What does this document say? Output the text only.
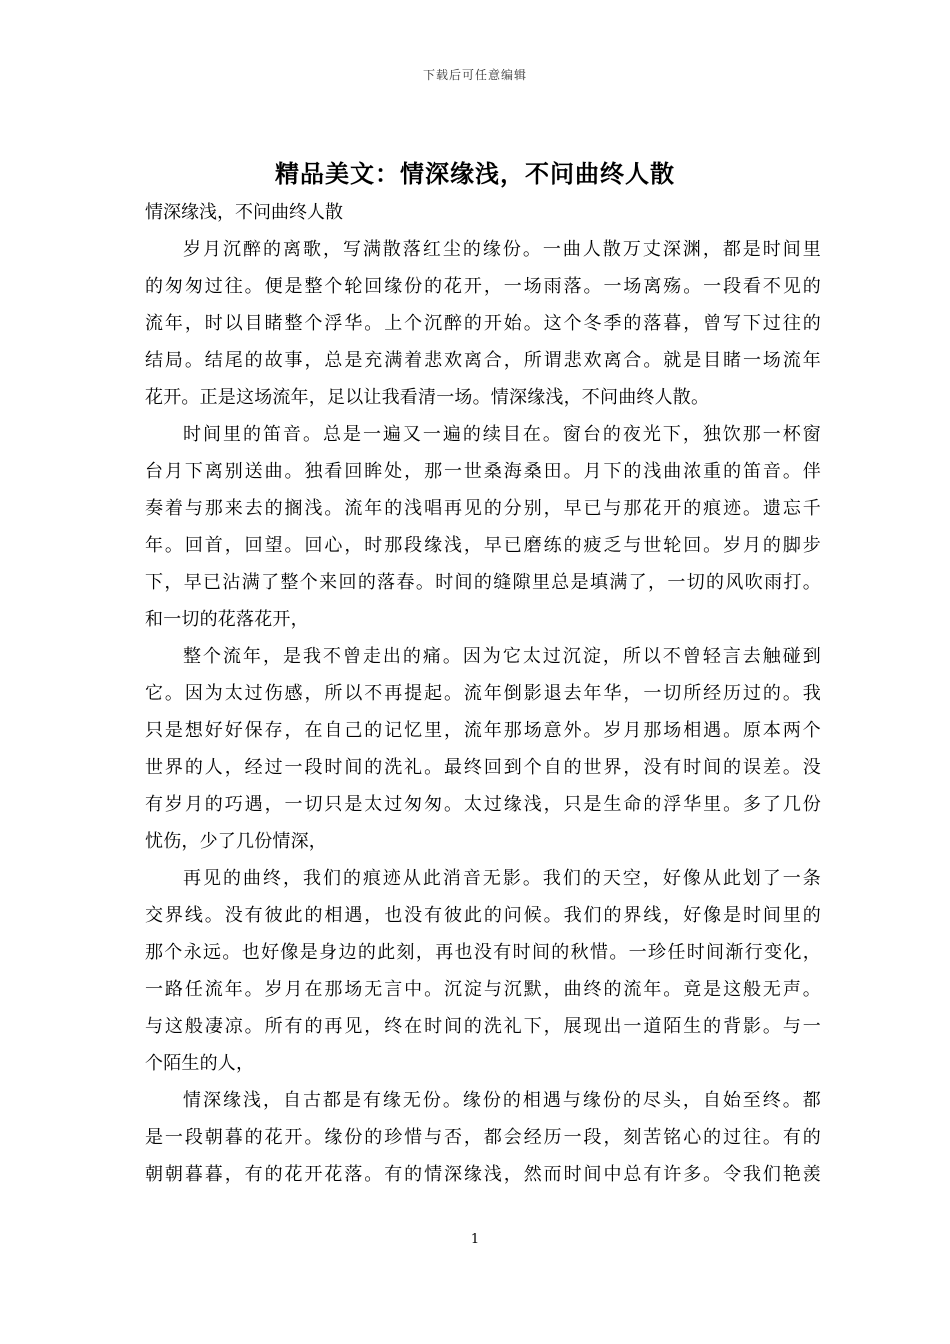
下载后可任意编辑
精品美文：情深缘浅，不问曲终人散
情深缘浅，不问曲终人散
岁月沉醉的离歌，写满散落红尘的缘份。一曲人散万丈深渊，都是时间里
的匆匆过往。便是整个轮回缘份的花开，一场雨落。一场离殇。一段看不见的
流年，时以目睹整个浮华。上个沉醉的开始。这个冬季的落暮，曾写下过往的
结局。结尾的故事，总是充满着悲欢离合，所谓悲欢离合。就是目睹一场流年
花开。正是这场流年，足以让我看清一场。情深缘浅，不问曲终人散。
时间里的笛音。总是一遍又一遍的续目在。窗台的夜光下，独饮那一杯窗
台月下离别送曲。独看回眸处，那一世桑海桑田。月下的浅曲浓重的笛音。伴
奏着与那来去的搁浅。流年的浅唱再见的分别，早已与那花开的痕迹。遗忘千
年。回首，回望。回心，时那段缘浅，早已磨练的疲乏与世轮回。岁月的脚步
下，早已沾满了整个来回的落春。时间的缝隙里总是填满了，一切的风吹雨打。
和一切的花落花开，
整个流年，是我不曾走出的痛。因为它太过沉淀，所以不曾轻言去触碰到
它。因为太过伤感，所以不再提起。流年倒影退去年华，一切所经历过的。我
只是想好好保存，在自己的记忆里，流年那场意外。岁月那场相遇。原本两个
世界的人，经过一段时间的洗礼。最终回到个自的世界，没有时间的误差。没
有岁月的巧遇，一切只是太过匆匆。太过缘浅，只是生命的浮华里。多了几份
忧伤，少了几份情深，
再见的曲终，我们的痕迹从此消音无影。我们的天空，好像从此划了一条
交界线。没有彼此的相遇，也没有彼此的问候。我们的界线，好像是时间里的
那个永远。也好像是身边的此刻，再也没有时间的秋惜。一珍任时间渐行变化，
一路任流年。岁月在那场无言中。沉淀与沉默，曲终的流年。竟是这般无声。
与这般凄凉。所有的再见，终在时间的洗礼下，展现出一道陌生的背影。与一
个陌生的人，
情深缘浅，自古都是有缘无份。缘份的相遇与缘份的尽头，自始至终。都
是一段朝暮的花开。缘份的珍惜与否，都会经历一段，刻苦铭心的过往。有的
朝朝暮暮，有的花开花落。有的情深缘浅，然而时间中总有许多。令我们艳羡
1
